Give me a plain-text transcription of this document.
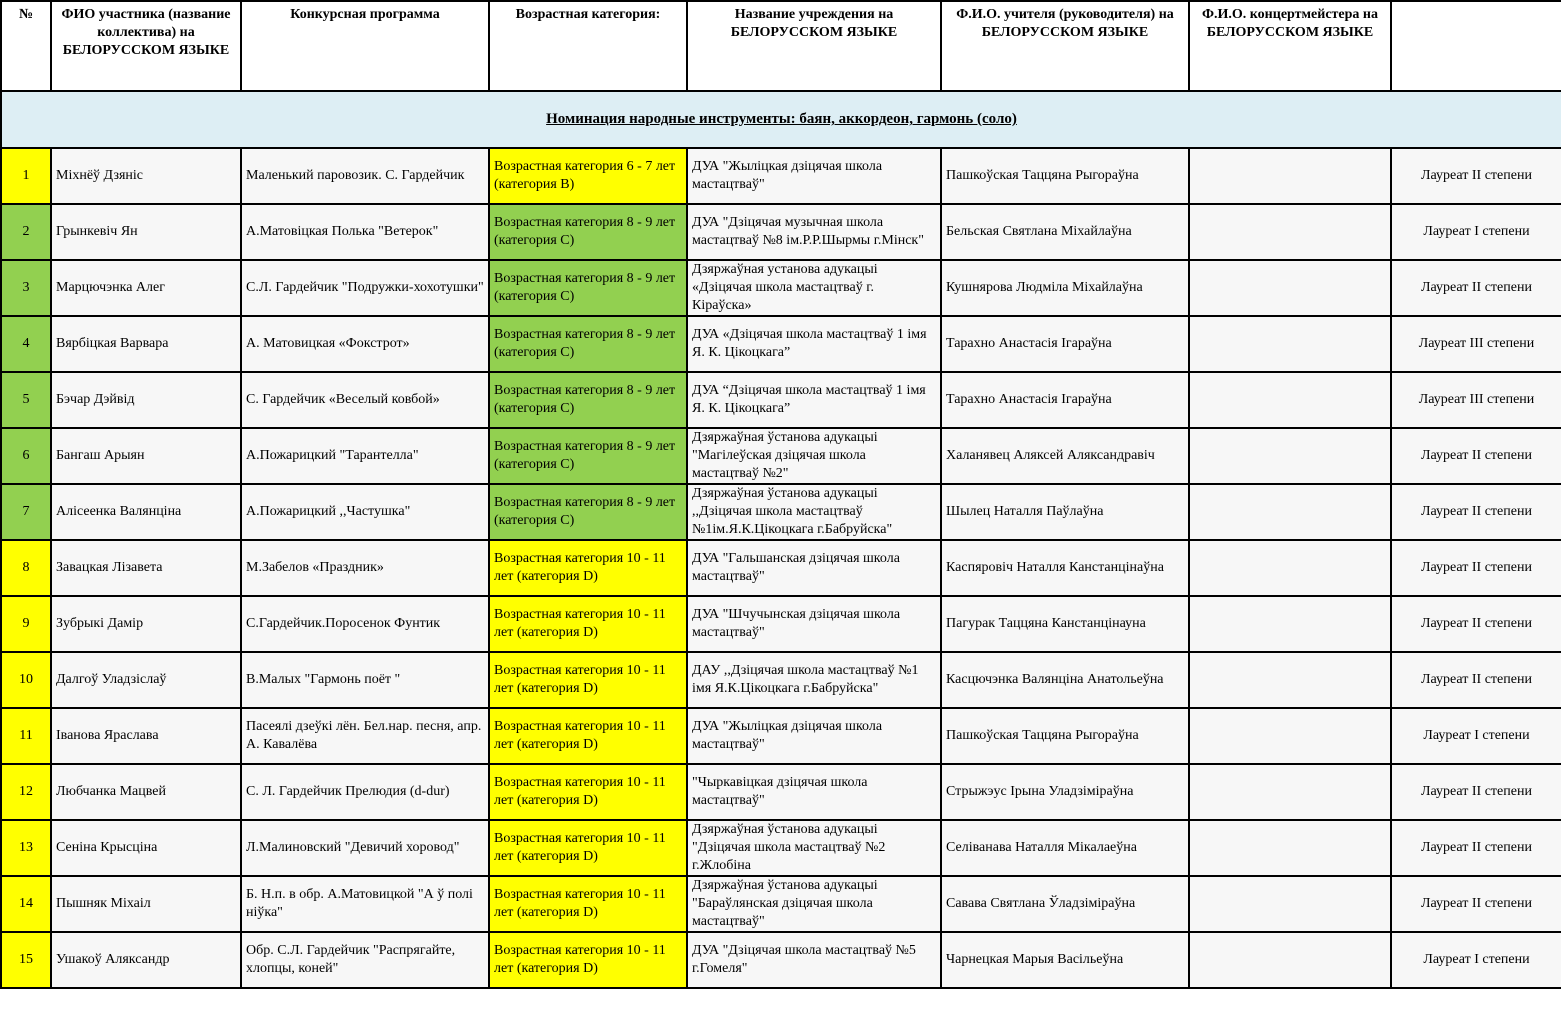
№	ФИО участника (название коллектива) на БЕЛОРУССКОМ ЯЗЫКЕ	Конкурсная программа	Возрастная категория:	Название учреждения на БЕЛОРУССКОМ ЯЗЫКЕ	Ф.И.О. учителя (руководителя) на БЕЛОРУССКОМ ЯЗЫКЕ	Ф.И.О. концертмейстера на БЕЛОРУССКОМ ЯЗЫКЕ	
Номинация народные инструменты: баян, аккордеон, гармонь (соло)							
1	Міхнёў Дзяніс	Маленький паровозик. С. Гардейчик	Возрастная категория 6 - 7 лет (категория В)	ДУА "Жыліцкая дзіцячая школа мастацтваў"	Пашкоўская Таццяна Рыгораўна		Лауреат II степени
2	Грынкевіч Ян	А.Матовіцкая Полька "Ветерок"	Возрастная категория 8 - 9 лет (категория С)	ДУА "Дзіцячая музычная школа мастацтваў №8 ім.Р.Р.Шырмы г.Мінск"	Бельская Святлана Міхайлаўна		Лауреат I степени
3	Марцючэнка Алег	С.Л. Гардейчик "Подружки-хохотушки"	Возрастная категория 8 - 9 лет (категория С)	Дзяржаўная установа адукацыі «Дзіцячая школа мастацтваў г. Кіраўска»	Кушнярова Людміла Міхайлаўна		Лауреат II степени
4	Вярбіцкая Варвара	А. Матовицкая «Фокстрот»	Возрастная категория 8 - 9 лет (категория С)	ДУА «Дзіцячая школа мастацтваў 1 імя Я. К. Цікоцкага”	Тарахно Анастасія Ігараўна		Лауреат III степени
5	Бэчар Дэйвід	С. Гардейчик «Веселый ковбой»	Возрастная категория 8 - 9 лет (категория С)	ДУА “Дзіцячая школа мастацтваў 1 імя Я. К. Цікоцкага”	Тарахно Анастасія Ігараўна		Лауреат III степени
6	Бангаш Арыян	А.Пожарицкий "Тарантелла"	Возрастная категория 8 - 9 лет (категория С)	Дзяржаўная ўстанова адукацыі "Магілеўская дзіцячая школа мастацтваў №2"	Халанявец Аляксей Аляксандравіч		Лауреат II степени
7	Алісеенка Валянціна	А.Пожарицкий ,,Частушка"	Возрастная категория 8 - 9 лет (категория С)	Дзяржаўная ўстанова адукацыі ,,Дзіцячая школа мастацтваў №1ім.Я.К.Цікоцкага г.Бабруйска"	Шылец Наталля Паўлаўна		Лауреат II степени
8	Завацкая Лізавета	М.Забелов «Праздник»	Возрастная категория 10 - 11 лет (категория D)	ДУА "Гальшанская дзіцячая школа мастацтваў"	Каспяровіч Наталля Канстанцінаўна		Лауреат II степени
9	Зубрыкі Дамір	С.Гардейчик.Поросенок Фунтик	Возрастная категория 10 - 11 лет (категория D)	ДУА "Шчучынская дзіцячая школа мастацтваў"	Пагурак Таццяна Канстанцінауна		Лауреат II степени
10	Далгоў Уладзіслаў	В.Малых "Гармонь поёт "	Возрастная категория 10 - 11 лет (категория D)	ДАУ ,,Дзіцячая школа мастацтваў №1 імя Я.К.Цікоцкага г.Бабруйска"	Касцючэнка Валянціна Анатольеўна		Лауреат II степени
11	Іванова Ярaслава	Пасеялі дзеўкі лён. Бел.нар. песня, апр. А. Кавалёва	Возрастная категория 10 - 11 лет (категория D)	ДУА "Жыліцкая дзіцячая школа мастацтваў"	Пашкоўская Таццяна Рыгораўна		Лауреат I степени
12	Любчанка Мацвей	С. Л. Гардейчик Прелюдия (d-dur)	Возрастная категория 10 - 11 лет (категория D)	"Чыркавіцкая дзіцячая школа мастацтваў"	Стрыжэус Ірына Уладзіміраўна		Лауреат II степени
13	Сеніна Крысціна	Л.Малиновский "Девичий хоровод"	Возрастная категория 10 - 11 лет (категория D)	Дзяржаўная ўстанова адукацыі "Дзіцячая школа мастацтваў №2 г.Жлобіна	Селіванава Наталля Мікалаеўна		Лауреат II степени
14	Пышняк Міхаіл	Б. Н.п. в обр. А.Матовицкой "А ў полі нiўка"	Возрастная категория 10 - 11 лет (категория D)	Дзяржаўная ўстанова адукацыі "Бараўлянская дзіцячая школа мастацтваў"	Савава Святлана Ўладзіміраўна		Лауреат II степени
15	Ушакоў Аляксандр	Обр. С.Л. Гардейчик "Распрягайте, хлопцы, коней"	Возрастная категория 10 - 11 лет (категория D)	ДУА "Дзіцячая школа мастацтваў №5 г.Гомеля"	Чарнецкая Марыя Васільеўна		Лауреат I степени
